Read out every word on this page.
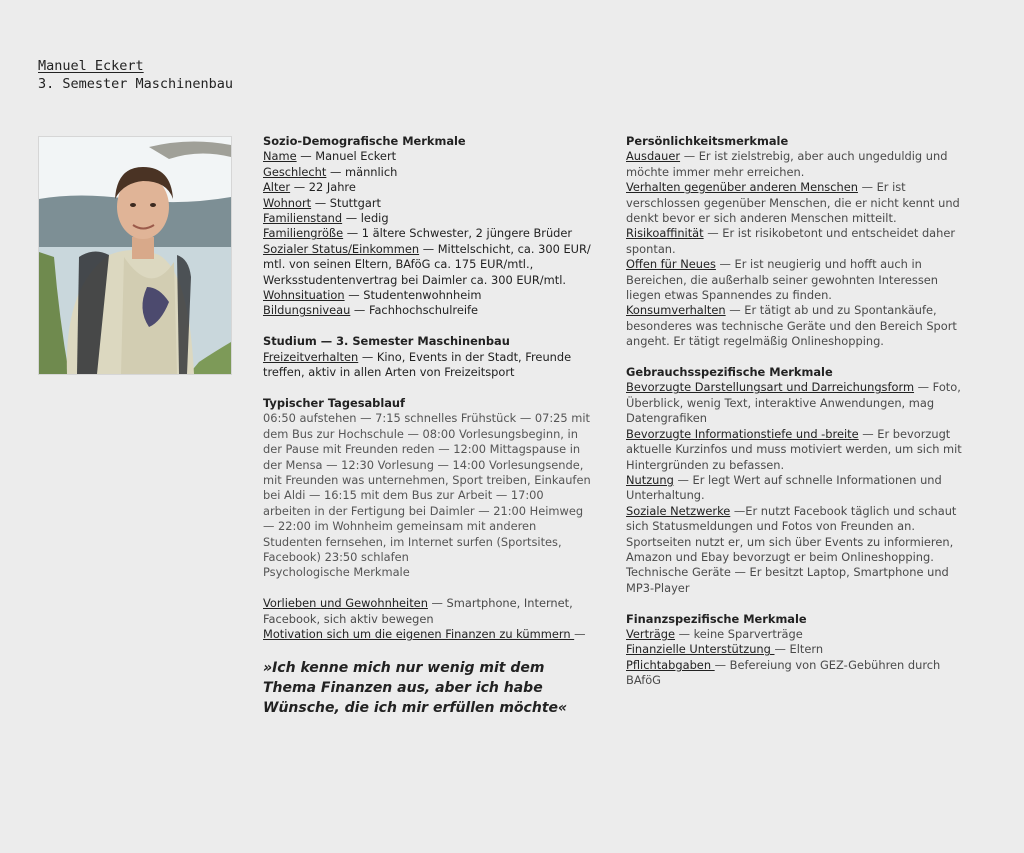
Manuel Eckert
3. Semester Maschinenbau
Sozio-Demografische Merkmale
Name — Manuel Eckert
Geschlecht — männlich
Alter — 22 Jahre
Wohnort — Stuttgart
Familienstand — ledig
Familiengröße — 1 ältere Schwester, 2 jüngere Brüder
Sozialer Status/Einkommen — Mittelschicht, ca. 300 EUR/ mtl. von seinen Eltern, BAföG ca. 175 EUR/mtl., Werksstudentenvertrag bei Daimler ca. 300 EUR/mtl.
Wohnsituation — Studentenwohnheim
Bildungsniveau — Fachhochschulreife
Studium — 3. Semester Maschinenbau
Freizeitverhalten — Kino, Events in der Stadt, Freunde treffen, aktiv in allen Arten von Freizeitsport
Typischer Tagesablauf
06:50 aufstehen — 7:15 schnelles Frühstück — 07:25 mit dem Bus zur Hochschule — 08:00 Vorlesungsbeginn, in der Pause mit Freunden reden — 12:00 Mittagspause in der Mensa — 12:30 Vorlesung — 14:00 Vorlesungsende, mit Freunden was unternehmen, Sport treiben, Einkaufen bei Aldi — 16:15 mit dem Bus zur Arbeit — 17:00 arbeiten in der Fertigung bei Daimler — 21:00 Heimweg — 22:00 im Wohnheim gemeinsam mit anderen Studenten fernsehen, im Internet surfen (Sportsites, Facebook) 23:50 schlafen
Psychologische Merkmale
Vorlieben und Gewohnheiten — Smartphone, Internet, Facebook, sich aktiv bewegen
Motivation sich um die eigenen Finanzen zu kümmern —
»Ich kenne mich nur wenig mit dem Thema Finanzen aus, aber ich habe Wünsche, die ich mir erfüllen möchte«
Persönlichkeitsmerkmale
Ausdauer — Er ist zielstrebig, aber auch ungeduldig und möchte immer mehr erreichen.
Verhalten gegenüber anderen Menschen — Er ist verschlossen gegenüber Menschen, die er nicht kennt und denkt bevor er sich anderen Menschen mitteilt.
Risikoaffinität — Er ist risikobetont und entscheidet daher spontan.
Offen für Neues — Er ist neugierig und hofft auch in Bereichen, die außerhalb seiner gewohnten Interessen liegen etwas Spannendes zu finden.
Konsumverhalten — Er tätigt ab und zu Spontankäufe, besonderes was technische Geräte und den Bereich Sport angeht. Er tätigt regelmäßig Onlineshopping.
Gebrauchsspezifische Merkmale
Bevorzugte Darstellungsart und Darreichungsform — Foto, Überblick, wenig Text, interaktive Anwendungen, mag Datengrafiken
Bevorzugte Informationstiefe und -breite — Er bevorzugt aktuelle Kurzinfos und muss motiviert werden, um sich mit Hintergründen zu befassen.
Nutzung — Er legt Wert auf schnelle Informationen und Unterhaltung.
Soziale Netzwerke —Er nutzt Facebook täglich und schaut sich Statusmeldungen und Fotos von Freunden an. Sportseiten nutzt er, um sich über Events zu informieren, Amazon und Ebay bevorzugt er beim Onlineshopping.
Technische Geräte — Er besitzt Laptop, Smartphone und MP3-Player
Finanzspezifische Merkmale
Verträge — keine Sparverträge
Finanzielle Unterstützung — Eltern
Pflichtabgaben — Befereiung von GEZ-Gebühren durch BAföG
